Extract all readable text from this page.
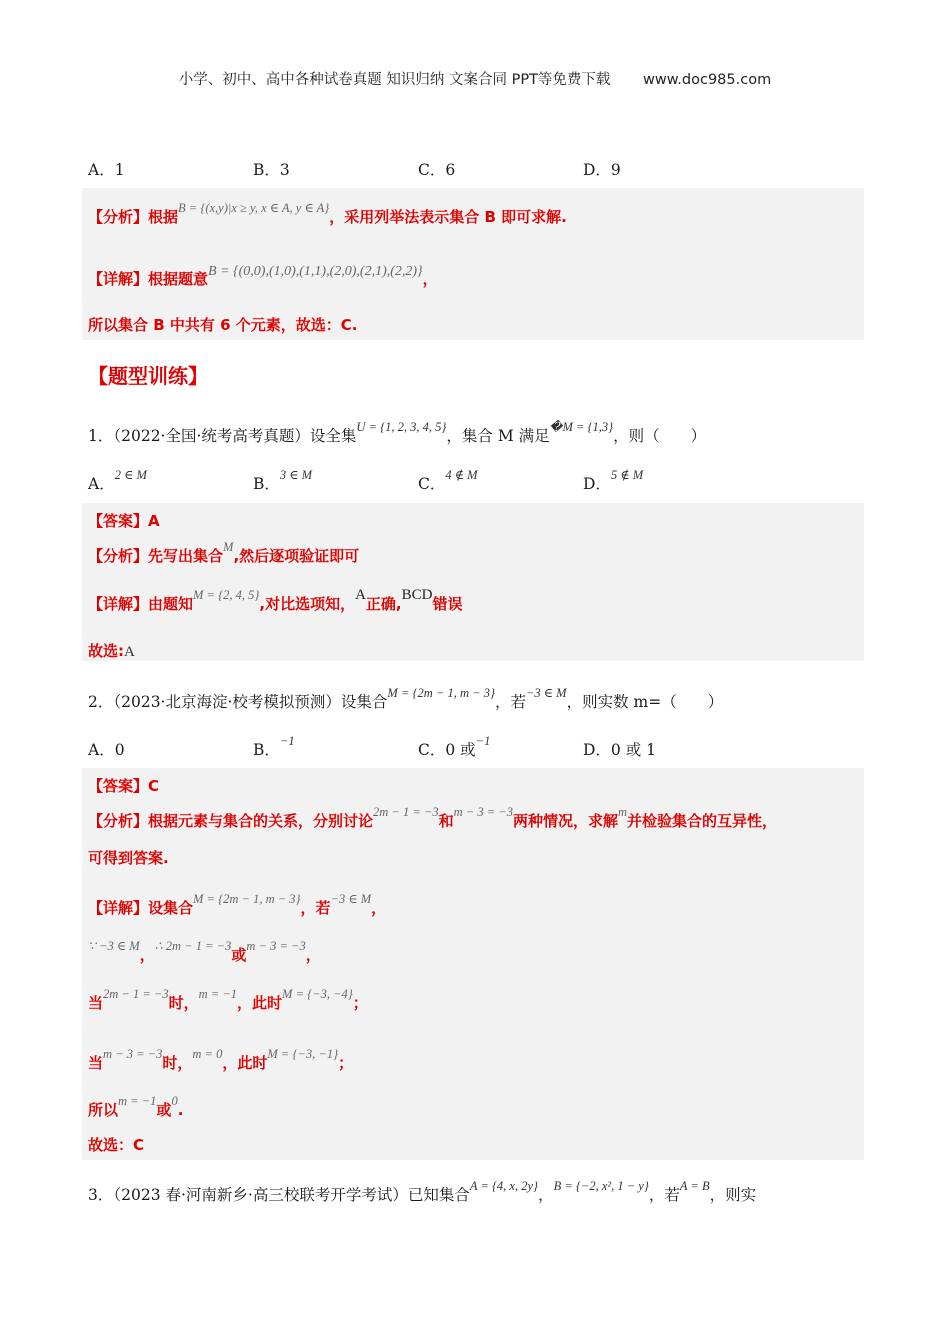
小学、初中、高中各种试卷真题 知识归纳 文案合同 PPT等免费下载 www.doc985.com
A．1	B．3	C．6	D．9
【分析】根据$^{B = \{(x,y)|x \ge y, x \in A, y \in A\}}$，采用列举法表示集合 B 即可求解.
【详解】根据题意B = {(0,0),(1,0),(1,1),(2,0),(2,1),(2,2)}，
所以集合 B 中共有 6 个元素，故选：C.
【题型训练】
1．（2022·全国·统考高考真题）设全集$^{U = \{1, 2, 3, 4, 5\}}$，集合 M 满足$^{�M = \{1,3\}}$，则（　　）
A．$^{2 \in M}$	B．$^{3 \in M}$	C．$^{4 \notin M}$	D．$^{5 \notin M}$
【答案】A
【分析】先写出集合$^M$,然后逐项验证即可
【详解】由题知$^{M = \{2, 4, 5\}}$,对比选项知，A正确,BCD错误
故选:A
2．（2023·北京海淀·校考模拟预测）设集合$^{M = \{2m - 1, m - 3\}}$，若$^{-3 \in M}$，则实数 m=（　　）
A．0	B．$^{-1}$	C．0 或$^{-1}$	D．0 或 1
【答案】C
【分析】根据元素与集合的关系，分别讨论$^{2m - 1 = -3}$和$^{m - 3 = -3}$两种情况，求解$^m$并检验集合的互异性，
可得到答案.
【详解】设集合$^{M = \{2m - 1, m - 3\}}$，若$^{-3 \in M}$，
$^{\because -3 \in M}$，$^{\therefore 2m - 1 = -3}$或$^{m - 3 = -3}$，
当$^{2m - 1 = -3}$时，$^{m = -1}$，此时$^{M = \{-3, -4\}}$；
当$^{m - 3 = -3}$时，$^{m = 0}$，此时$^{M = \{-3, -1\}}$；
所以$^{m = -1}$或$^0$.
故选：C
3．（2023 春·河南新乡·高三校联考开学考试）已知集合$^{A = \{4, x, 2y\}}$，$^{B = \{-2, x^2, 1 - y\}}$，若$^{A = B}$，则实
